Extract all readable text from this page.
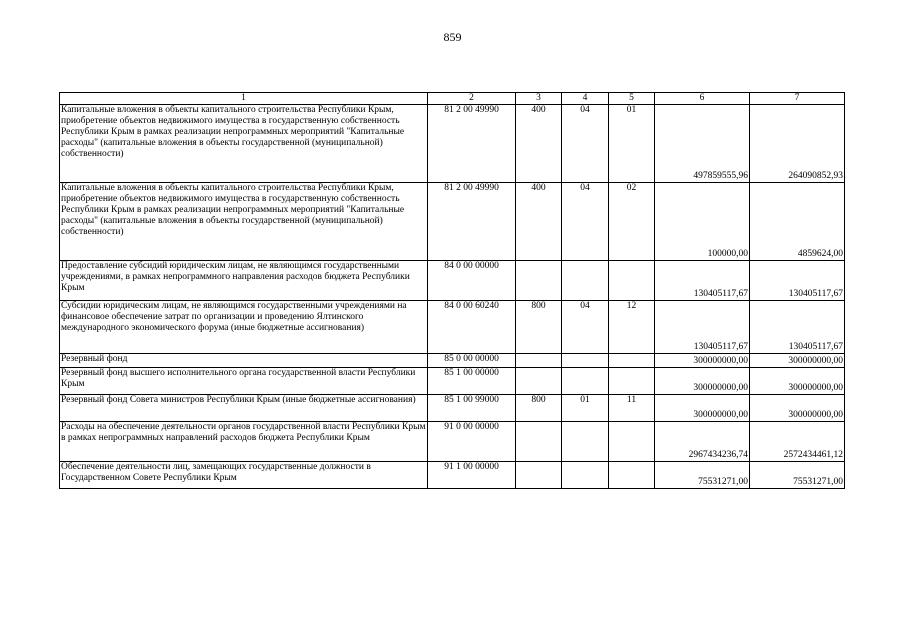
859
1	2	3	4	5	6	7
Капитальные вложения в объекты капитального строительства Республики Крым, приобретение объектов недвижимого имущества в государственную собственность Республики Крым в рамках реализации непрограммных мероприятий "Капитальные расходы" (капитальные вложения в объекты государственной (муниципальной) собственности)	81 2 00 49990	400	04	01	497859555,96	264090852,93
Капитальные вложения в объекты капитального строительства Республики Крым, приобретение объектов недвижимого имущества в государственную собственность Республики Крым в рамках реализации непрограммных мероприятий "Капитальные расходы" (капитальные вложения в объекты государственной (муниципальной) собственности)	81 2 00 49990	400	04	02	100000,00	4859624,00
Предоставление субсидий юридическим лицам, не являющимся государственными учреждениями, в рамках непрограммного направления расходов бюджета Республики Крым	84 0 00 00000				130405117,67	130405117,67
Субсидии юридическим лицам, не являющимся государственными учреждениями на финансовое обеспечение затрат по организации и проведению Ялтинского международного экономического форума (иные бюджетные ассигнования)	84 0 00 60240	800	04	12	130405117,67	130405117,67
Резервный фонд	85 0 00 00000				300000000,00	300000000,00
Резервный фонд высшего исполнительного органа государственной власти Республики Крым	85 1 00 00000				300000000,00	300000000,00
Резервный фонд Совета министров Республики Крым (иные бюджетные ассигнования)	85 1 00 99000	800	01	11	300000000,00	300000000,00
Расходы на обеспечение деятельности органов государственной власти Республики Крым в рамках непрограммных направлений расходов бюджета Республики Крым	91 0 00 00000				2967434236,74	2572434461,12
Обеспечение деятельности лиц, замещающих государственные должности в Государственном Совете Республики Крым	91 1 00 00000				75531271,00	75531271,00
